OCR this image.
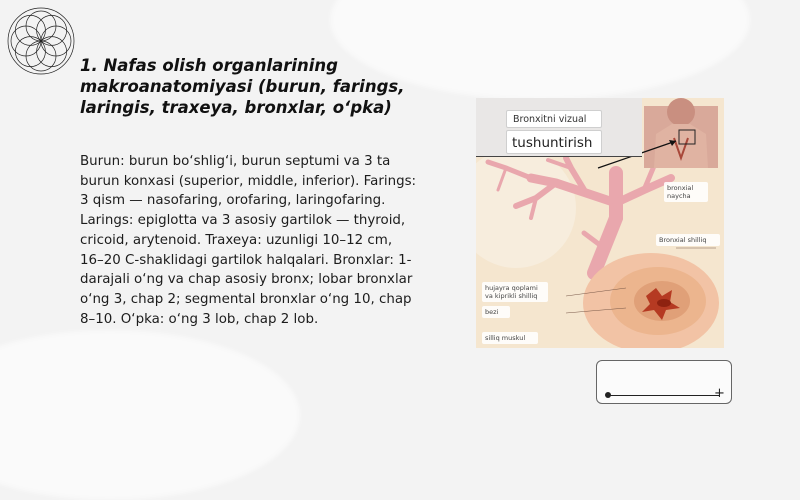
1. Nafas olish organlarining makroanatomiyasi (burun, farings, laringis, traxeya, bronxlar, o‘pka)

Burun: burun bo‘shlig‘i, burun septumi va 3 ta burun konxasi (superior, middle, inferior). Farings: 3 qism — nasofaring, orofaring, laringofaring. Larings: epiglotta va 3 asosiy gartilok — thyroid, cricoid, arytenoid. Traxeya: uzunligi 10–12 cm, 16–20 C-shaklidagi gartilok halqalari. Bronxlar: 1-darajali o‘ng va chap asosiy bronx; lobar bronxlar o‘ng 3, chap 2; segmental bronxlar o‘ng 10, chap 8–10. O‘pka: o‘ng 3 lob, chap 2 lob.

Bronxitni vizual
tushuntirish
bronxial naycha
Bronxial shilliq
hujayra qoplami va kiprikli shilliq
bezi
silliq muskul
+
